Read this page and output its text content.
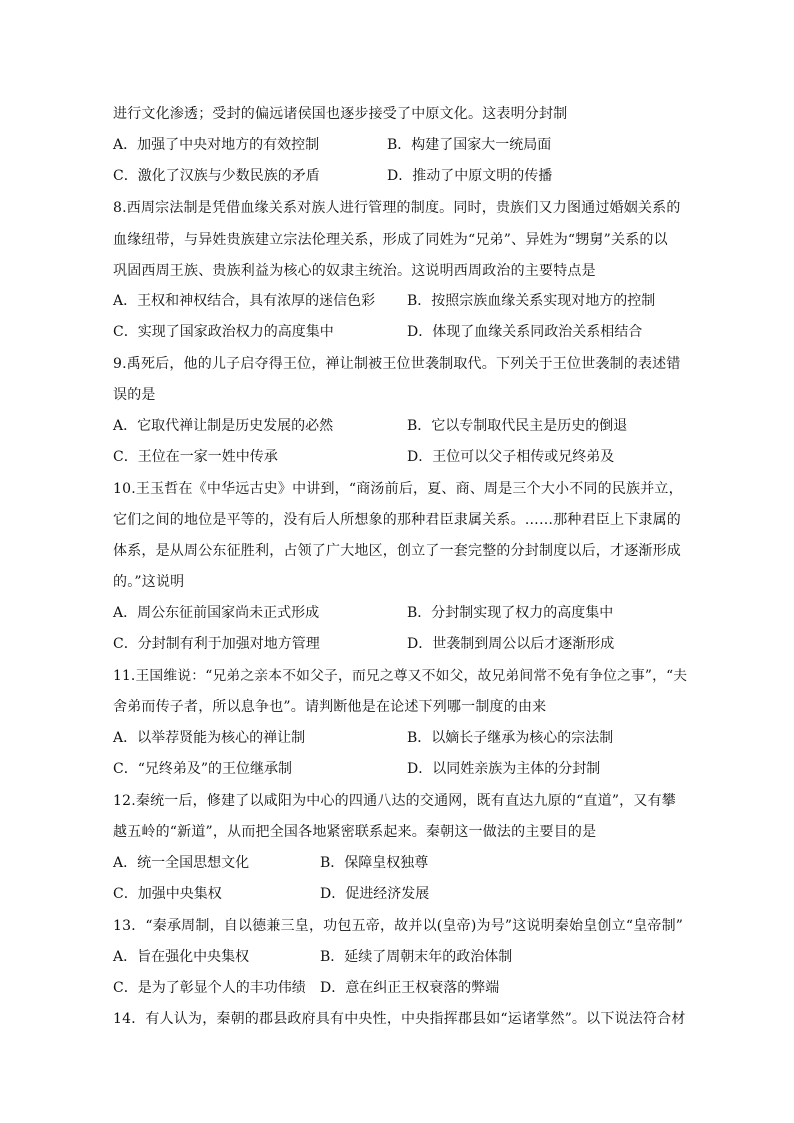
进行文化渗透；受封的偏远诸侯国也逐步接受了中原文化。这表明分封制
A．加强了中央对地方的有效控制	B．构建了国家大一统局面
C．激化了汉族与少数民族的矛盾	D．推动了中原文明的传播
8.西周宗法制是凭借血缘关系对族人进行管理的制度。同时，贵族们又力图通过婚姻关系的
血缘纽带，与异姓贵族建立宗法伦理关系，形成了同姓为“兄弟”、异姓为“甥舅”关系的以
巩固西周王族、贵族利益为核心的奴隶主统治。这说明西周政治的主要特点是
A．王权和神权结合，具有浓厚的迷信色彩 B．按照宗族血缘关系实现对地方的控制
C．实现了国家政治权力的高度集中	D．体现了血缘关系同政治关系相结合
9.禹死后，他的儿子启夺得王位，禅让制被王位世袭制取代。下列关于王位世袭制的表述错
误的是
A．它取代禅让制是历史发展的必然	B．它以专制取代民主是历史的倒退
C．王位在一家一姓中传承	D．王位可以父子相传或兄终弟及
10.王玉哲在《中华远古史》中讲到，“商汤前后，夏、商、周是三个大小不同的民族并立，
它们之间的地位是平等的，没有后人所想象的那种君臣隶属关系。……那种君臣上下隶属的
体系，是从周公东征胜利，占领了广大地区，创立了一套完整的分封制度以后，才逐渐形成
的。”这说明
A．周公东征前国家尚未正式形成	B．分封制实现了权力的高度集中
C．分封制有利于加强对地方管理	D．世袭制到周公以后才逐渐形成
11.王国维说：“兄弟之亲本不如父子，而兄之尊又不如父，故兄弟间常不免有争位之事”，“夫
舍弟而传子者，所以息争也”。请判断他是在论述下列哪一制度的由来
A．以举荐贤能为核心的禅让制	B．以嫡长子继承为核心的宗法制
C．“兄终弟及”的王位继承制	D．以同姓亲族为主体的分封制
12.秦统一后，修建了以咸阳为中心的四通八达的交通网，既有直达九原的“直道”，又有攀
越五岭的“新道”，从而把全国各地紧密联系起来。秦朝这一做法的主要目的是
A．统一全国思想文化	B．保障皇权独尊
C．加强中央集权	D．促进经济发展
13．“秦承周制，自以德兼三皇，功包五帝，故并以(皇帝)为号”这说明秦始皇创立“皇帝制”
A．旨在强化中央集权	B．延续了周朝末年的政治体制
C．是为了彰显个人的丰功伟绩 D．意在纠正王权衰落的弊端
14．有人认为，秦朝的郡县政府具有中央性，中央指挥郡县如“运诸掌然”。以下说法符合材
